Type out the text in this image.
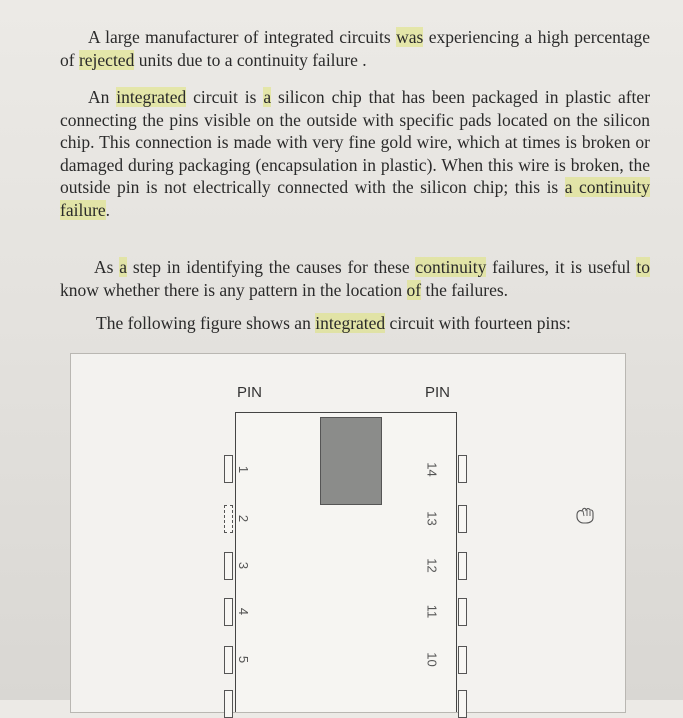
A large manufacturer of integrated circuits was experiencing a high percentage of rejected units due to a continuity failure .
An integrated circuit is a silicon chip that has been packaged in plastic after connecting the pins visible on the outside with specific pads located on the silicon chip. This connection is made with very fine gold wire, which at times is broken or damaged during packaging (encapsulation in plastic). When this wire is broken, the outside pin is not electrically connected with the silicon chip; this is a continuity failure.
As a step in identifying the causes for these continuity failures, it is useful to know whether there is any pattern in the location of the failures.
The following figure shows an integrated circuit with fourteen pins:
PIN	PIN
1
2
3
4
5
14
13
12
11
10
